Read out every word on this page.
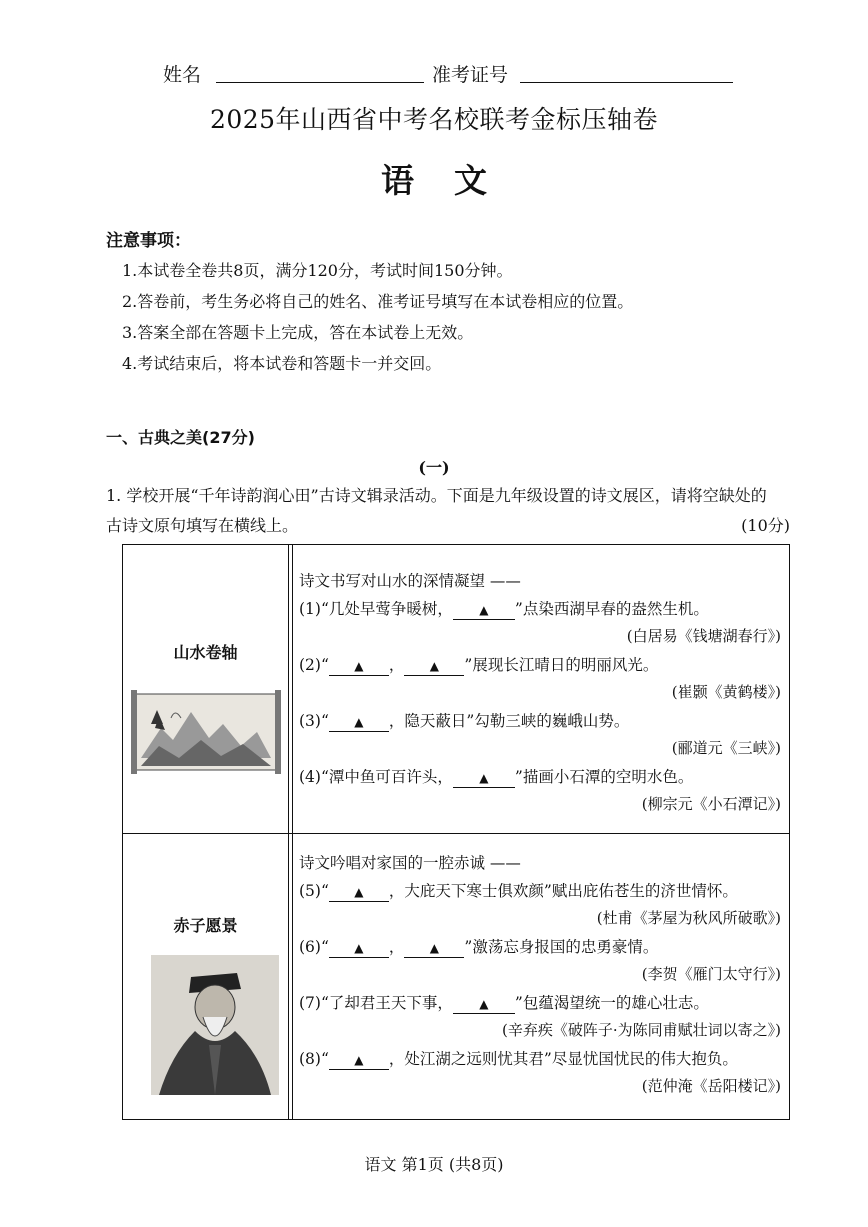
姓名	准考证号
2025年山西省中考名校联考金标压轴卷
语文
注意事项：
1.本试卷全卷共8页，满分120分，考试时间150分钟。
2.答卷前，考生务必将自己的姓名、准考证号填写在本试卷相应的位置。
3.答案全部在答题卡上完成，答在本试卷上无效。
4.考试结束后，将本试卷和答题卡一并交回。
一、古典之美(27分)
(一)
1. 学校开展“千年诗韵润心田”古诗文辑录活动。下面是九年级设置的诗文展区，请将空缺处的
古诗文原句填写在横线上。	(10分)
山水卷轴
诗文书写对山水的深情凝望 ——
(1)“几处早莺争暖树， ▲ ”点染西湖早春的盎然生机。
(白居易《钱塘湖春行》)
(2)“ ▲ ， ▲ ”展现长江晴日的明丽风光。
(崔颢《黄鹤楼》)
(3)“ ▲ ，隐天蔽日”勾勒三峡的巍峨山势。
(郦道元《三峡》)
(4)“潭中鱼可百许头， ▲ ”描画小石潭的空明水色。
(柳宗元《小石潭记》)
赤子愿景
诗文吟唱对家国的一腔赤诚 ——
(5)“ ▲ ，大庇天下寒士俱欢颜”赋出庇佑苍生的济世情怀。
(杜甫《茅屋为秋风所破歌》)
(6)“ ▲ ， ▲ ”激荡忘身报国的忠勇豪情。
(李贺《雁门太守行》)
(7)“了却君王天下事， ▲ ”包蕴渴望统一的雄心壮志。
(辛弃疾《破阵子·为陈同甫赋壮词以寄之》)
(8)“ ▲ ，处江湖之远则忧其君”尽显忧国忧民的伟大抱负。
(范仲淹《岳阳楼记》)
语文 第1页 (共8页)
